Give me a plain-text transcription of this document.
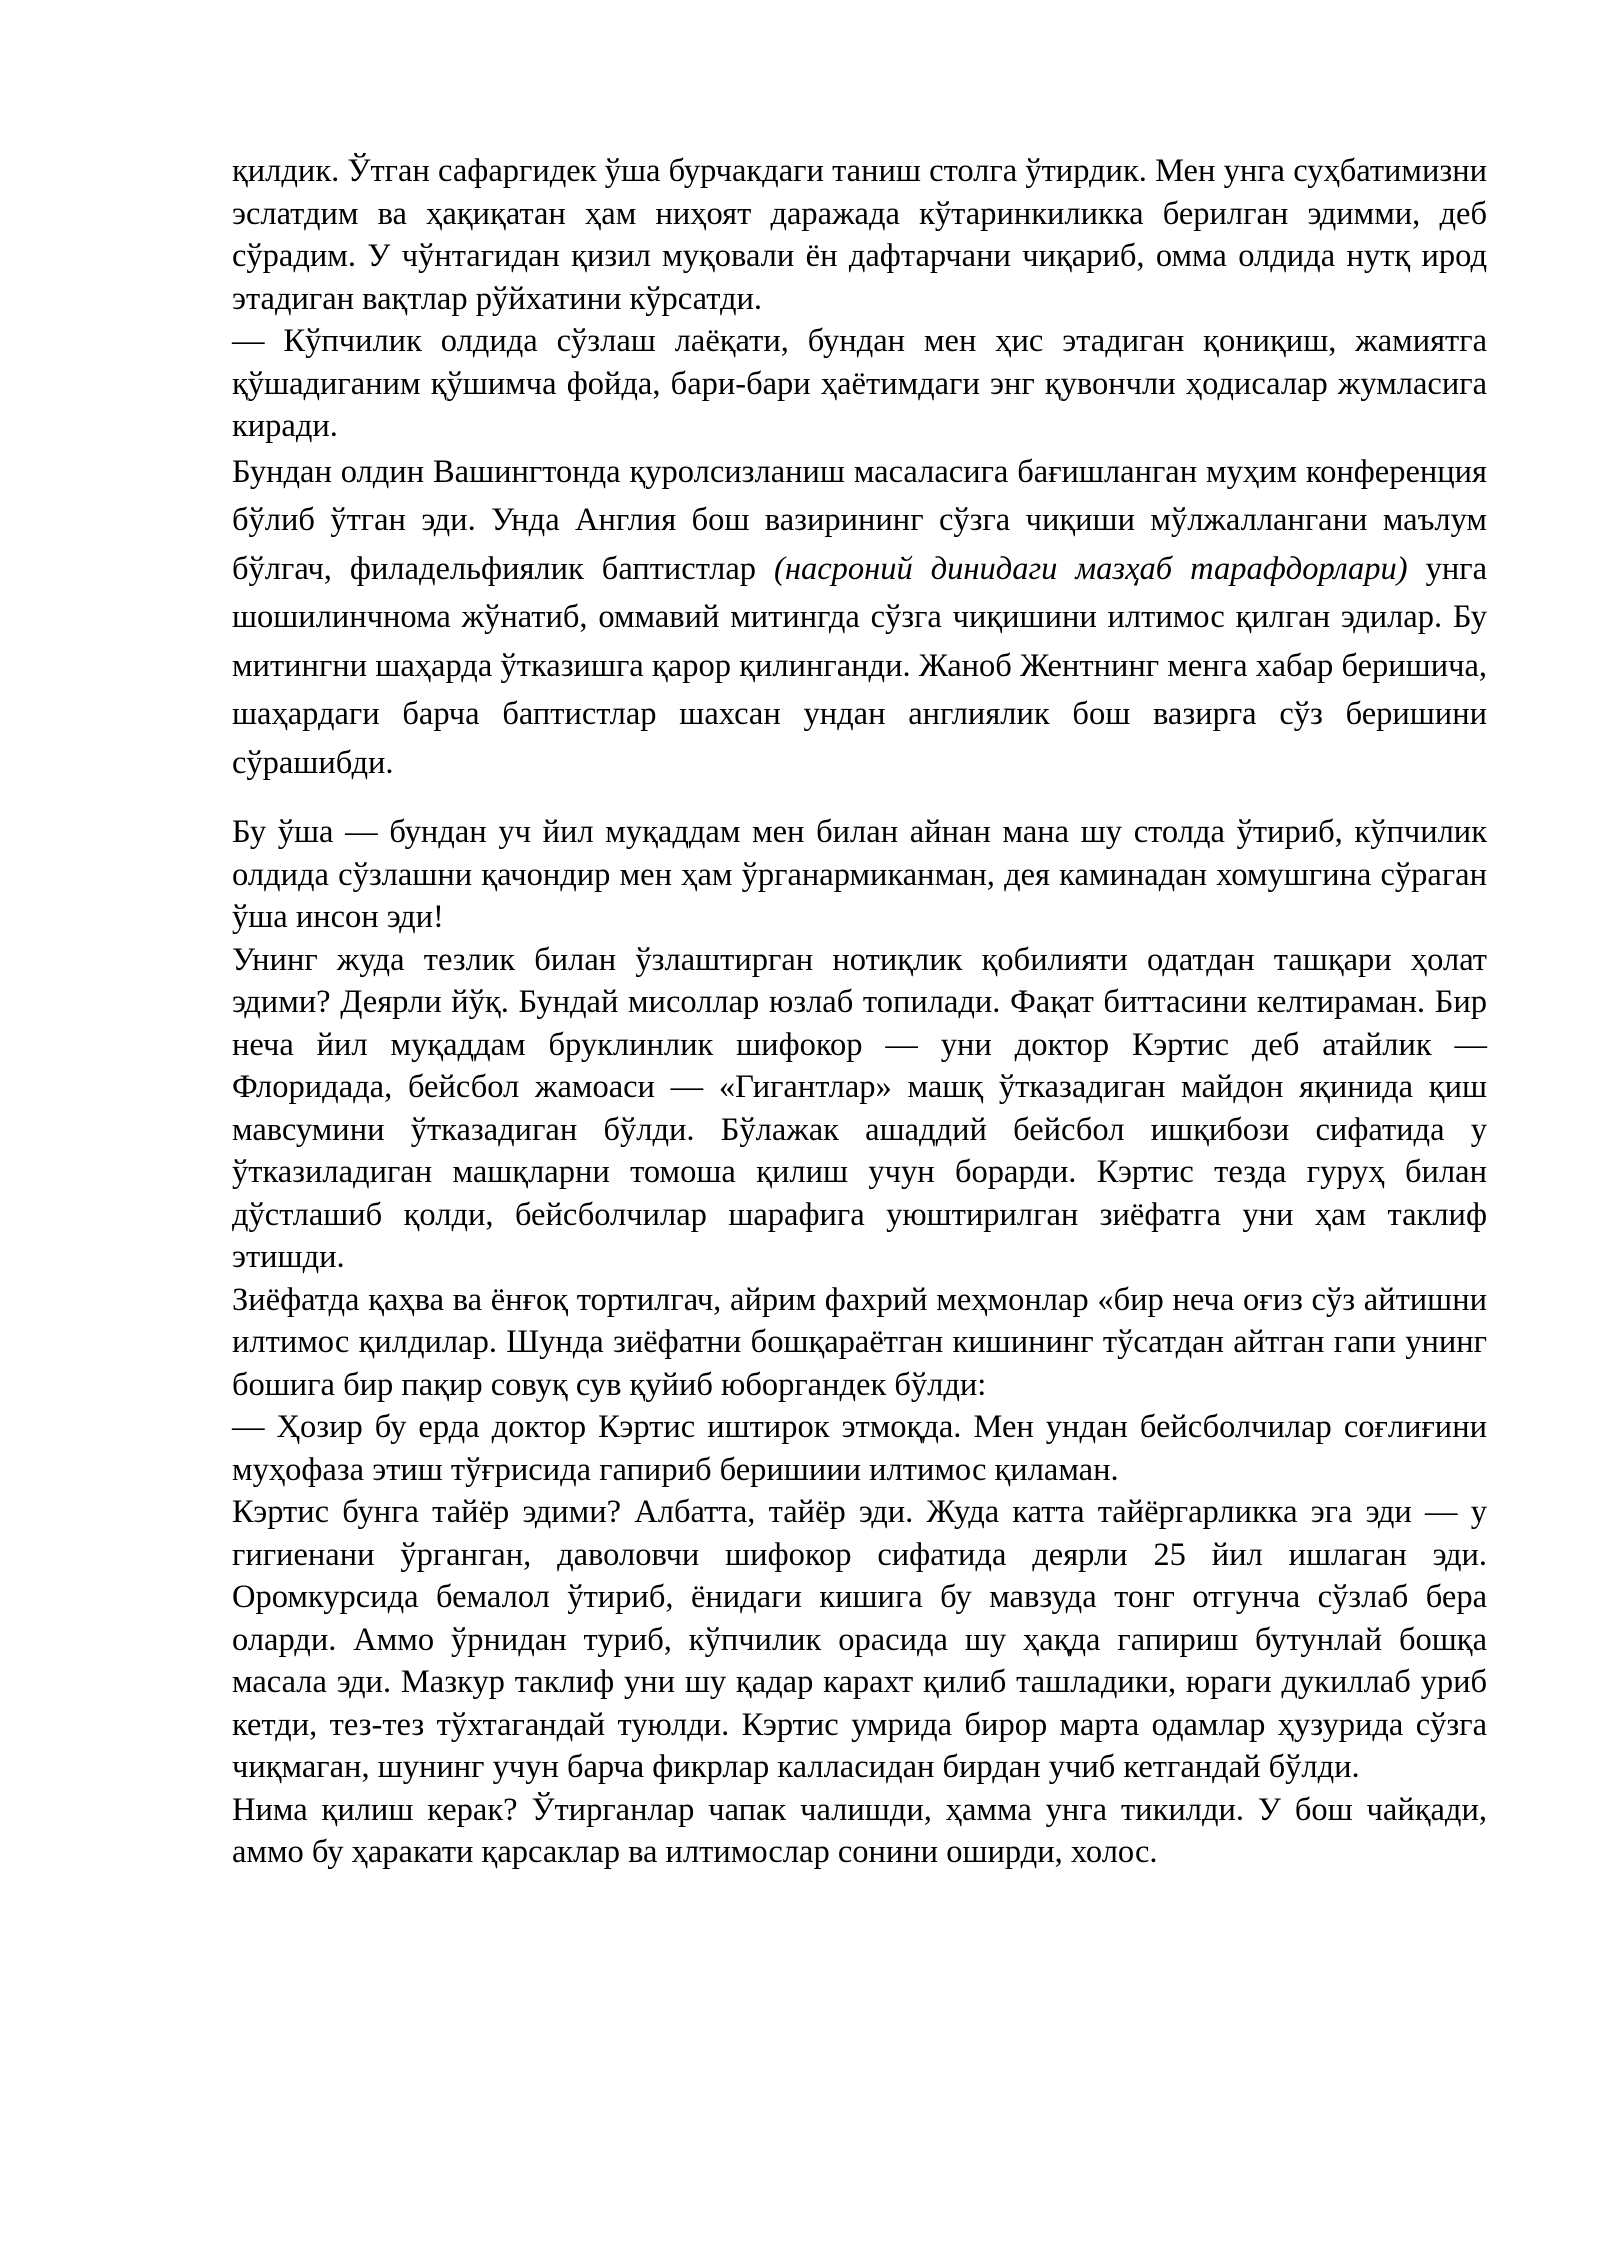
қилдик. Ўтган сафаргидек ўша бурчакдаги таниш столга ўтирдик. Мен унга суҳбатимизни эслатдим ва ҳақиқатан ҳам ниҳоят даражада кўтаринкиликка берилган эдимми, деб сўрадим. У чўнтагидан қизил муқовали ён дафтарчани чиқариб, омма олдида нутқ ирод этадиган вақтлар рўйхатини кўрсатди.

— Кўпчилик олдида сўзлаш лаёқати, бундан мен ҳис этадиган қониқиш, жамиятга қўшадиганим қўшимча фойда, бари-бари ҳаётимдаги энг қувончли ҳодисалар жумласига киради.

Бундан олдин Вашингтонда қуролсизланиш масаласига бағишланган муҳим конференция бўлиб ўтган эди. Унда Англия бош вазирининг сўзга чиқиши мўлжаллангани маълум бўлгач, филадельфиялик баптистлар (насроний динидаги мазҳаб тарафдорлари) унга шошилинчнома жўнатиб, оммавий митингда сўзга чиқишини илтимос қилган эдилар. Бу митингни шаҳарда ўтказишга қарор қилинганди. Жаноб Жентнинг менга хабар беришича, шаҳардаги барча баптистлар шахсан ундан англиялик бош вазирга сўз беришини сўрашибди.

Бу ўша — бундан уч йил муқаддам мен билан айнан мана шу столда ўтириб, кўпчилик олдида сўзлашни қачондир мен ҳам ўрганармиканман, дея каминадан хомушгина сўраган ўша инсон эди!

Унинг жуда тезлик билан ўзлаштирган нотиқлик қобилияти одатдан ташқари ҳолат эдими? Деярли йўқ. Бундай мисоллар юзлаб топилади. Фақат биттасини келтираман. Бир неча йил муқаддам бруклинлик шифокор — уни доктор Кэртис деб атайлик — Флоридада, бейсбол жамоаси — «Гигантлар» машқ ўтказадиган майдон яқинида қиш мавсумини ўтказадиган бўлди. Бўлажак ашаддий бейсбол ишқибози сифатида у ўтказиладиган машқларни томоша қилиш учун борарди. Кэртис тезда гуруҳ билан дўстлашиб қолди, бейсболчилар шарафига уюштирилган зиёфатга уни ҳам таклиф этишди.

Зиёфатда қаҳва ва ёнғоқ тортилгач, айрим фахрий меҳмонлар «бир неча оғиз сўз айтишни илтимос қилдилар. Шунда зиёфатни бошқараётган кишининг тўсатдан айтган гапи унинг бошига бир пақир совуқ сув қуйиб юборгандек бўлди:

— Ҳозир бу ерда доктор Кэртис иштирок этмоқда. Мен ундан бейсболчилар соғлиғини муҳофаза этиш тўғрисида гапириб беришиии илтимос қиламан.

Кэртис бунга тайёр эдими? Албатта, тайёр эди. Жуда катта тайёргарликка эга эди — у гигиенани ўрганган, даволовчи шифокор сифатида деярли 25 йил ишлаган эди. Оромкурсида бемалол ўтириб, ёнидаги кишига бу мавзуда тонг отгунча сўзлаб бера оларди. Аммо ўрнидан туриб, кўпчилик орасида шу ҳақда гапириш бутунлай бошқа масала эди. Мазкур таклиф уни шу қадар карахт қилиб ташладики, юраги дукиллаб уриб кетди, тез-тез тўхтагандай туюлди. Кэртис умрида бирор марта одамлар ҳузурида сўзга чиқмаган, шунинг учун барча фикрлар калласидан бирдан учиб кетгандай бўлди.

Нима қилиш керак? Ўтирганлар чапак чалишди, ҳамма унга тикилди. У бош чайқади, аммо бу ҳаракати қарсаклар ва илтимослар сонини оширди, холос.
